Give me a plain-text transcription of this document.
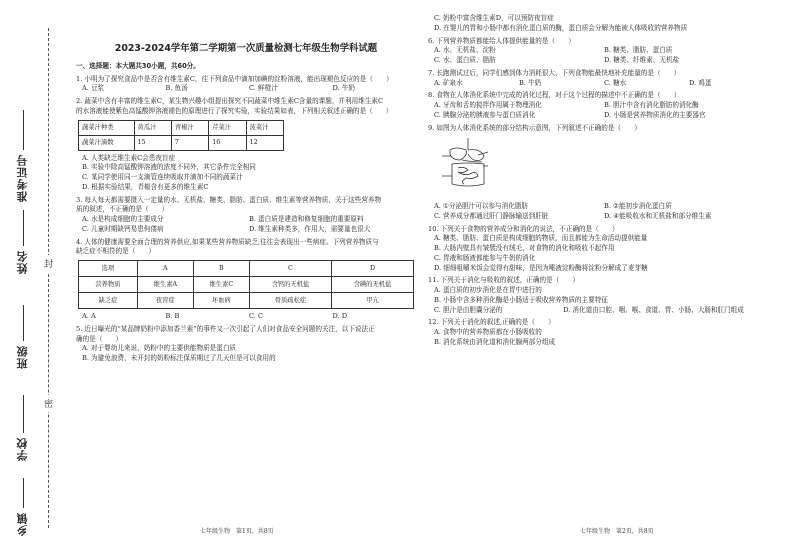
封
密
准考证号
姓名
班级
学校
乡镇
2023-2024学年第二学期第一次质量检测七年级生物学科试题
一、选择题：本大题共30小题，共60分。
1. 小明为了探究食品中是否含有维生素C，往下列食品中滴加加碘的淀粉溶液，能出现褪色反应的是（　　）
A. 豆浆	B. 鱼汤	C. 鲜橙汁	D. 牛奶
2. 蔬菜中含有丰富的维生素C，某生物兴趣小组提出探究不同蔬菜中维生素C含量的课题，并利用维生素C
的水溶液能使紫色高锰酸钾溶液褪色的原理进行了探究实验，实验结果如表，下列相关叙述正确的是（　　）
蔬菜汁种类	黄瓜汁	青椒汁	芹菜汁	菠菜汁
蔬菜汁滴数	15	7	16	12
A. 人类缺乏维生素C会患夜盲症
B. 实验中除高锰酸钾溶液的浓度不同外，其它条件完全相同
C. 某同学使用同一支滴管连续吸取并滴加不同的蔬菜汁
D. 根据实验结果，青椒含有更多的维生素C
3. 每人每天都需要摄入一定量的水、无机盐、糖类、脂肪、蛋白质、维生素等营养物质，关于这些营养物
质的叙述，不正确的是（　　）
A. 水是构成细胞的主要成分	B. 蛋白质是建造和修复细胞的重要原料
C. 儿童时期缺钙易患佝偻病	D. 维生素种类多，作用大，需要量也很大
4. 人体的健康需要全面合理的营养供应,如果某些营养物质缺乏,往往会表现出一些病症。下列营养物质与
缺乏症不相符的是（　　）
选项	A	B	C	D
营养物质	维生素A	维生素C	含钙的无机盐	含碘的无机盐
缺乏症	夜盲症	坏血病	骨质疏松症	甲亢
A. A	B. B	C. C	D. D
5. 近日曝光的“某品牌奶粉中添加香兰素”的事件又一次引起了人们对食品安全问题的关注，以下说法正
确的是（　　）
A. 对于婴幼儿来说，奶粉中的主要供能物质是蛋白质
B. 为避免浪费，未开封的奶粉标注保质期过了几天但是可以食用的
C. 奶粉中富含维生素D，可以预防夜盲症
D. 在婴儿的胃和小肠中都有消化蛋白质的酶，蛋白质会分解为能被人体吸收的营养物质
6. 下列营养物质都能给人体提供能量的是（　　）
A. 水、无机盐、淀粉	B. 糖类、脂肪、蛋白质
C. 水、蛋白质、脂肪	D. 糖类、纤维素、无机盐
7. 长跑测试过后，同学们感到体力消耗很大，下列食物能最快地补充能量的是（　　）
A. 矿泉水	B. 牛奶	C. 糖水	D. 鸡蛋
8. 食物在人体消化系统中完成的消化过程，对于这个过程的描述中不正确的是（　　）
A. 牙齿和舌的搅拌作用属于物理消化	B. 胆汁中含有消化脂肪的消化酶
C. 胰腺分泌的胰液参与蛋白质消化	D. 小肠是营养物质消化的主要器官
9. 如图为人体消化系统的部分结构示意图，下列叙述不正确的是（　　）
A. ①分泌胆汁可以参与消化脂肪	B. ②能初步消化蛋白质
C. 营养成分都通过肝门静脉输送到肝脏	D. ④能吸收水和无机盐和部分维生素
10. 下列关于食物的营养成分和消化的说法，不正确的是（　　）
A. 糖类、脂肪、蛋白质是构成细胞的物质，而且都能为生命活动提供能量
B. 大肠内壁具有皱襞没有绒毛，对食物的消化和吸收不起作用
C. 胃液和肠液都能参与牛奶的消化
D. 细细咀嚼米饭会觉得有甜味，是因为唾液淀粉酶将淀粉分解成了麦芽糖
11. 下列关于消化与吸收的叙述，正确的是（　　）
A. 蛋白质的初步消化是在胃中进行的
B. 小肠中含多种消化酶是小肠适于吸收营养物质的主要特征
C. 胆汁是由胆囊分泌的	D. 消化道由口腔、咽、喉、食道、胃、小肠、大肠和肛门组成
12. 下列关于消化的叙述,正确的是（　　）
A. 食物中的营养物质都在小肠吸收的
B. 消化系统由消化道和消化腺两部分组成
七年级生物　第1页，共8页	七年级生物　第2页，共8页
